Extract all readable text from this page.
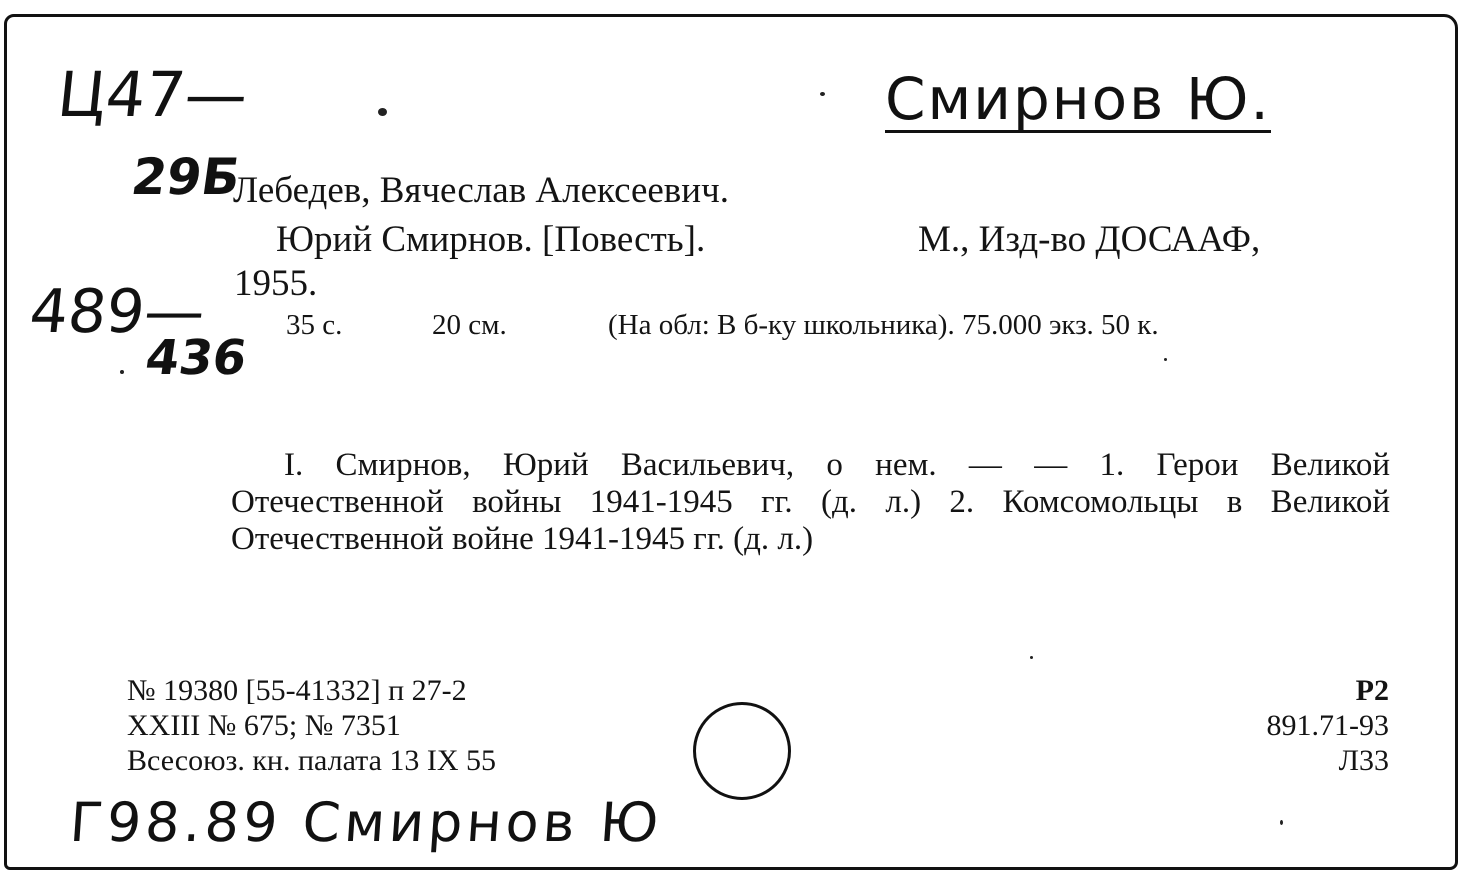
Ц47—
29Б
489—
436
Смирнов Ю.
Г98.89 Смирнов Ю
Лебедев, Вячеслав Алексеевич.
Юрий Смирнов. [Повесть].	М., Изд-во ДОСААФ,
1955.
35 с.	20 см.	(На обл: В б-ку школьника). 75.000 экз. 50 к.
I. Смирнов, Юрий Васильевич, о нем. — — 1. Герои Великой
Отечественной войны 1941-1945 гг. (д. л.) 2. Комсомольцы в Великой
Отечественной войне 1941-1945 гг. (д. л.)
№ 19380 [55-41332] п 27-2
XXIII № 675; № 7351
Всесоюз. кн. палата 13 IX 55
Р2
891.71-93
Л33
